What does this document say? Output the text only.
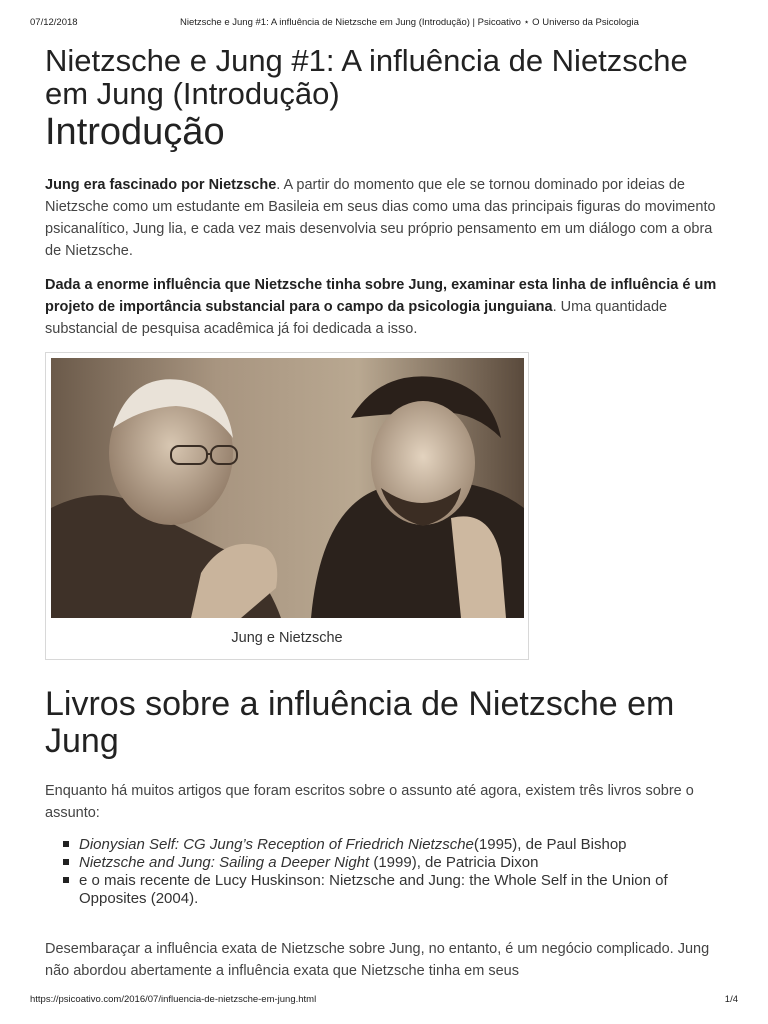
07/12/2018	Nietzsche e Jung #1: A influência de Nietzsche em Jung (Introdução) | Psicoativo ⋆ O Universo da Psicologia
Nietzsche e Jung #1: A influência de Nietzsche em Jung (Introdução)
Introdução

Jung era fascinado por Nietzsche. A partir do momento que ele se tornou dominado por ideias de Nietzsche como um estudante em Basileia em seus dias como uma das principais figuras do movimento psicanalítico, Jung lia, e cada vez mais desenvolvia seu próprio pensamento em um diálogo com a obra de Nietzsche.

Dada a enorme influência que Nietzsche tinha sobre Jung, examinar esta linha de influência é um projeto de importância substancial para o campo da psicologia junguiana. Uma quantidade substancial de pesquisa acadêmica já foi dedicada a isso.

Jung e Nietzsche
Livros sobre a influência de Nietzsche em Jung

Enquanto há muitos artigos que foram escritos sobre o assunto até agora, existem três livros sobre o assunto:

Dionysian Self: CG Jung’s Reception of Friedrich Nietzsche(1995), de Paul Bishop
Nietzsche and Jung: Sailing a Deeper Night (1999), de Patricia Dixon
e o mais recente de Lucy Huskinson: Nietzsche and Jung: the Whole Self in the Union of Opposites (2004).

Desembaraçar a influência exata de Nietzsche sobre Jung, no entanto, é um negócio complicado. Jung não abordou abertamente a influência exata que Nietzsche tinha em seus

https://psicoativo.com/2016/07/influencia-de-nietzsche-em-jung.html	1/4
